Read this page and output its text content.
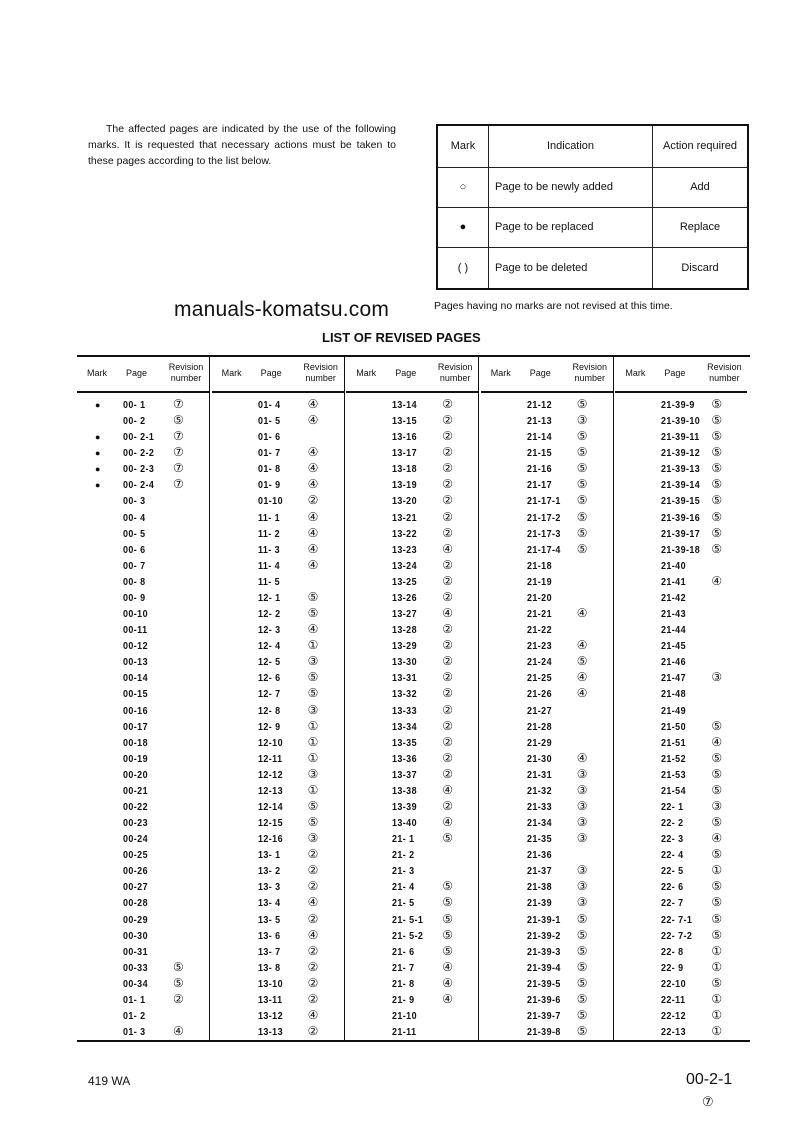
The affected pages are indicated by the use of the following marks. It is requested that necessary actions must be taken to these pages according to the list below.
Mark	Indication	Action required
○	Page to be newly added	Add
●	Page to be replaced	Replace
( )	Page to be deleted	Discard
Pages having no marks are not revised at this time.
manuals-komatsu.com
LIST OF REVISED PAGES
Mark Page
Revision number
● 00- 1 ⑦
00- 2 ⑤
● 00- 2-1 ⑦
● 00- 2-2 ⑦
● 00- 2-3 ⑦
● 00- 2-4 ⑦
00- 3
00- 4
00- 5
00- 6
00- 7
00- 8
00- 9
00-10
00-11
00-12
00-13
00-14
00-15
00-16
00-17
00-18
00-19
00-20
00-21
00-22
00-23
00-24
00-25
00-26
00-27
00-28
00-29
00-30
00-31
00-33 ⑤
00-34 ⑤
01- 1 ②
01- 2
01- 3 ④
Mark Page
Revision number
01- 4 ④
01- 5 ④
01- 6
01- 7 ④
01- 8 ④
01- 9 ④
01-10 ②
11- 1 ④
11- 2 ④
11- 3 ④
11- 4 ④
11- 5
12- 1 ⑤
12- 2 ⑤
12- 3 ④
12- 4 ①
12- 5 ③
12- 6 ⑤
12- 7 ⑤
12- 8 ③
12- 9 ①
12-10 ①
12-11 ①
12-12 ③
12-13 ①
12-14 ⑤
12-15 ⑤
12-16 ③
13- 1 ②
13- 2 ②
13- 3 ②
13- 4 ④
13- 5 ②
13- 6 ④
13- 7 ②
13- 8 ②
13-10 ②
13-11 ②
13-12 ④
13-13 ②
Mark Page
Revision number
13-14 ②
13-15 ②
13-16 ②
13-17 ②
13-18 ②
13-19 ②
13-20 ②
13-21 ②
13-22 ②
13-23 ④
13-24 ②
13-25 ②
13-26 ②
13-27 ④
13-28 ②
13-29 ②
13-30 ②
13-31 ②
13-32 ②
13-33 ②
13-34 ②
13-35 ②
13-36 ②
13-37 ②
13-38 ④
13-39 ②
13-40 ④
21- 1 ⑤
21- 2
21- 3
21- 4 ⑤
21- 5 ⑤
21- 5-1 ⑤
21- 5-2 ⑤
21- 6 ⑤
21- 7 ④
21- 8 ④
21- 9 ④
21-10
21-11
Mark Page
Revision number
21-12 ⑤
21-13 ③
21-14 ⑤
21-15 ⑤
21-16 ⑤
21-17 ⑤
21-17-1 ⑤
21-17-2 ⑤
21-17-3 ⑤
21-17-4 ⑤
21-18
21-19
21-20
21-21 ④
21-22
21-23 ④
21-24 ⑤
21-25 ④
21-26 ④
21-27
21-28
21-29
21-30 ④
21-31 ③
21-32 ③
21-33 ③
21-34 ③
21-35 ③
21-36
21-37 ③
21-38 ③
21-39 ③
21-39-1 ⑤
21-39-2 ⑤
21-39-3 ⑤
21-39-4 ⑤
21-39-5 ⑤
21-39-6 ⑤
21-39-7 ⑤
21-39-8 ⑤
Mark Page
Revision number
21-39-9 ⑤
21-39-10 ⑤
21-39-11 ⑤
21-39-12 ⑤
21-39-13 ⑤
21-39-14 ⑤
21-39-15 ⑤
21-39-16 ⑤
21-39-17 ⑤
21-39-18 ⑤
21-40
21-41 ④
21-42
21-43
21-44
21-45
21-46
21-47 ③
21-48
21-49
21-50 ⑤
21-51 ④
21-52 ⑤
21-53 ⑤
21-54 ⑤
22- 1 ③
22- 2 ⑤
22- 3 ④
22- 4 ⑤
22- 5 ①
22- 6 ⑤
22- 7 ⑤
22- 7-1 ⑤
22- 7-2 ⑤
22- 8 ①
22- 9 ①
22-10 ⑤
22-11 ①
22-12 ①
22-13 ①
419 WA	00-2-1
⑦
